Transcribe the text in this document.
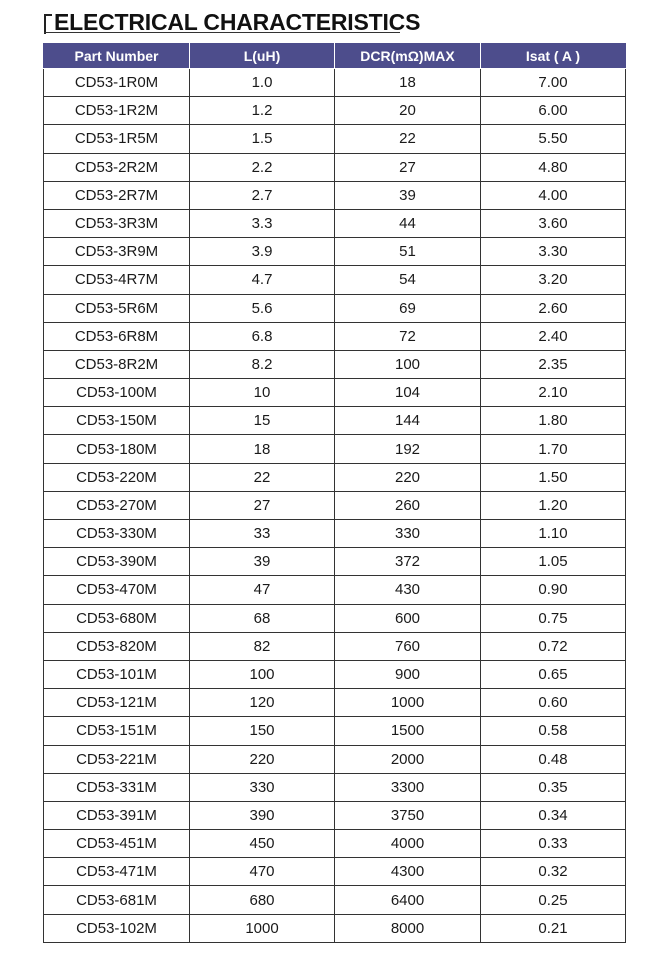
ELECTRICAL CHARACTERISTICS
Part Number	L(uH)	DCR(mΩ)MAX	Isat ( A )
CD53-1R0M	1.0	18	7.00
CD53-1R2M	1.2	20	6.00
CD53-1R5M	1.5	22	5.50
CD53-2R2M	2.2	27	4.80
CD53-2R7M	2.7	39	4.00
CD53-3R3M	3.3	44	3.60
CD53-3R9M	3.9	51	3.30
CD53-4R7M	4.7	54	3.20
CD53-5R6M	5.6	69	2.60
CD53-6R8M	6.8	72	2.40
CD53-8R2M	8.2	100	2.35
CD53-100M	10	104	2.10
CD53-150M	15	144	1.80
CD53-180M	18	192	1.70
CD53-220M	22	220	1.50
CD53-270M	27	260	1.20
CD53-330M	33	330	1.10
CD53-390M	39	372	1.05
CD53-470M	47	430	0.90
CD53-680M	68	600	0.75
CD53-820M	82	760	0.72
CD53-101M	100	900	0.65
CD53-121M	120	1000	0.60
CD53-151M	150	1500	0.58
CD53-221M	220	2000	0.48
CD53-331M	330	3300	0.35
CD53-391M	390	3750	0.34
CD53-451M	450	4000	0.33
CD53-471M	470	4300	0.32
CD53-681M	680	6400	0.25
CD53-102M	1000	8000	0.21
